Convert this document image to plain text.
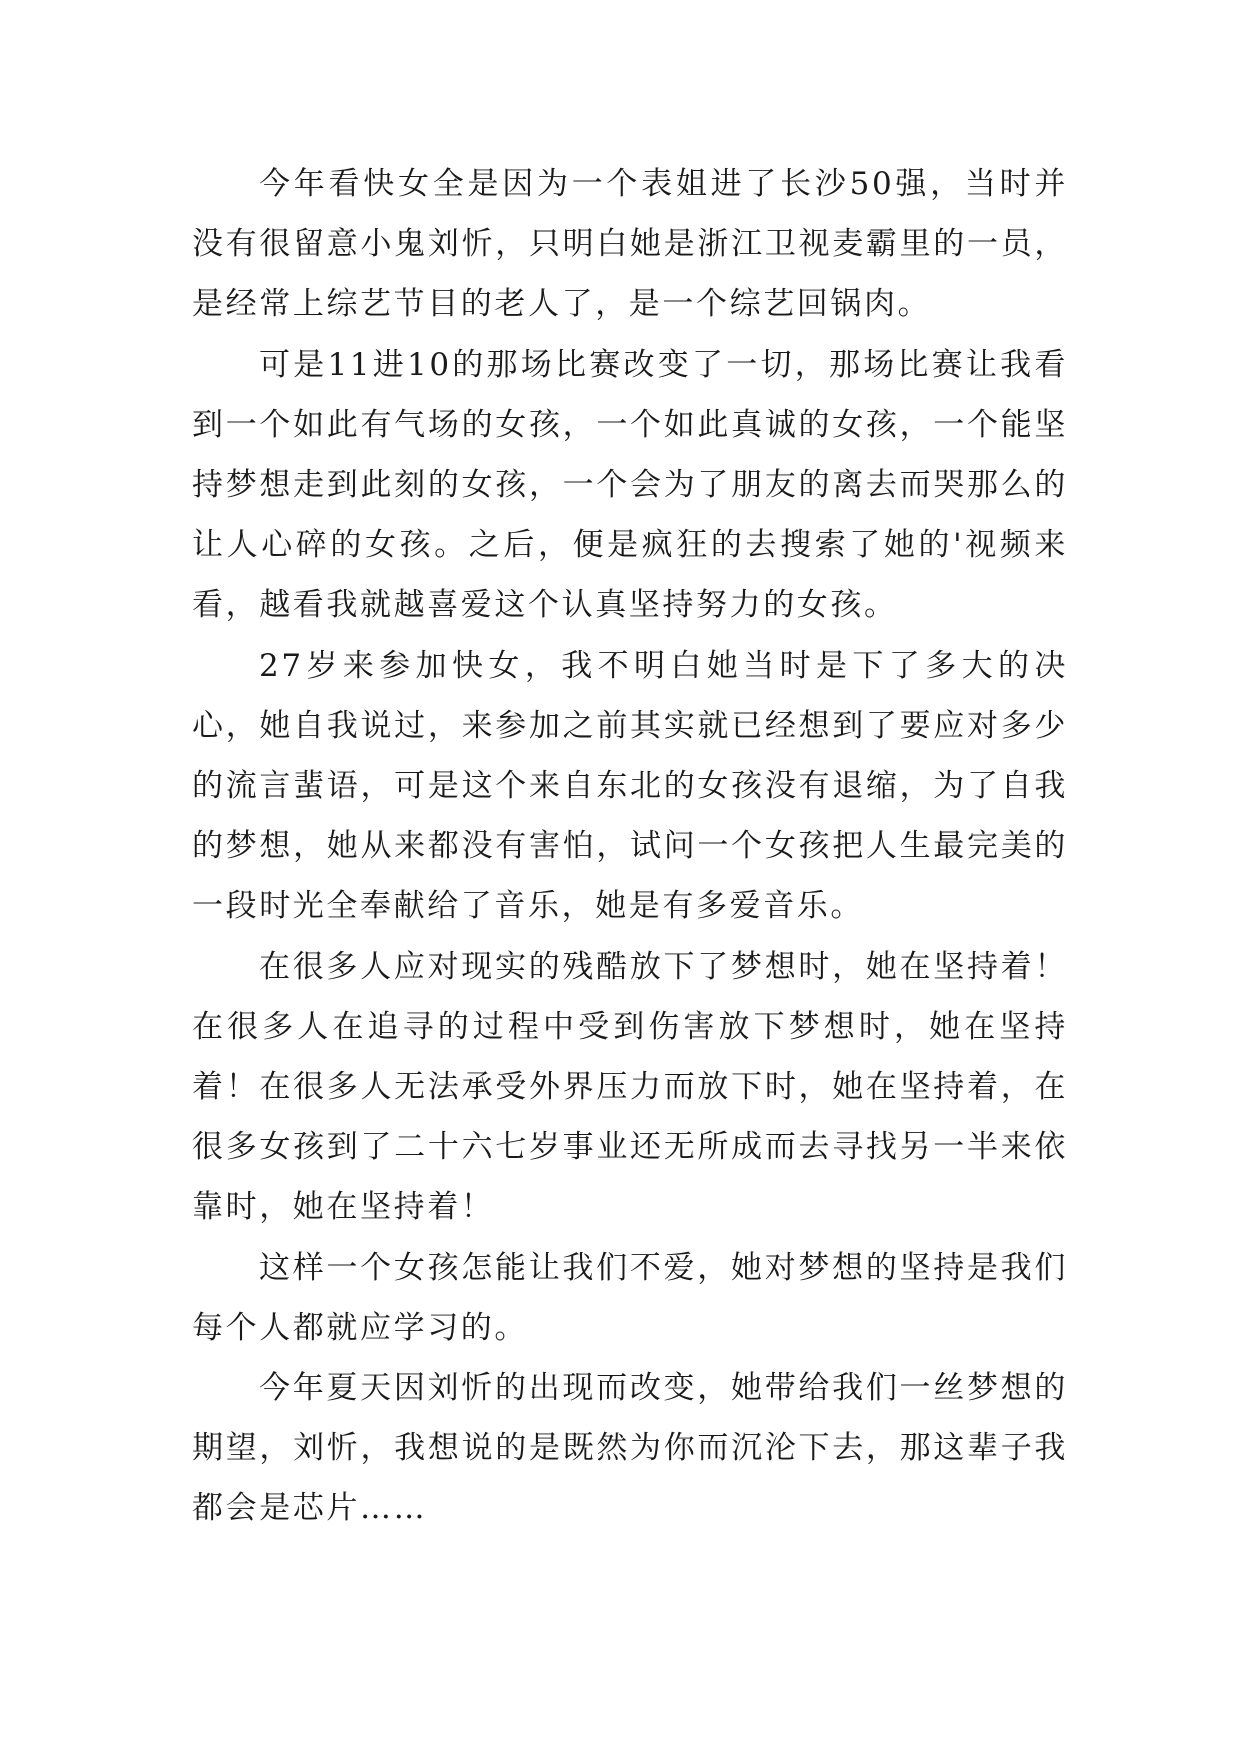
今年看快女全是因为一个表姐进了长沙50强，当时并没有很留意小鬼刘忻，只明白她是浙江卫视麦霸里的一员，是经常上综艺节目的老人了，是一个综艺回锅肉。

可是11进10的那场比赛改变了一切，那场比赛让我看到一个如此有气场的女孩，一个如此真诚的女孩，一个能坚持梦想走到此刻的女孩，一个会为了朋友的离去而哭那么的让人心碎的女孩。之后，便是疯狂的去搜索了她的'视频来看，越看我就越喜爱这个认真坚持努力的女孩。

27岁来参加快女，我不明白她当时是下了多大的决心，她自我说过，来参加之前其实就已经想到了要应对多少的流言蜚语，可是这个来自东北的女孩没有退缩，为了自我的梦想，她从来都没有害怕，试问一个女孩把人生最完美的一段时光全奉献给了音乐，她是有多爱音乐。

在很多人应对现实的残酷放下了梦想时，她在坚持着！在很多人在追寻的过程中受到伤害放下梦想时，她在坚持着！在很多人无法承受外界压力而放下时，她在坚持着，在很多女孩到了二十六七岁事业还无所成而去寻找另一半来依靠时，她在坚持着！

这样一个女孩怎能让我们不爱，她对梦想的坚持是我们每个人都就应学习的。

今年夏天因刘忻的出现而改变，她带给我们一丝梦想的期望，刘忻，我想说的是既然为你而沉沦下去，那这辈子我都会是芯片……
